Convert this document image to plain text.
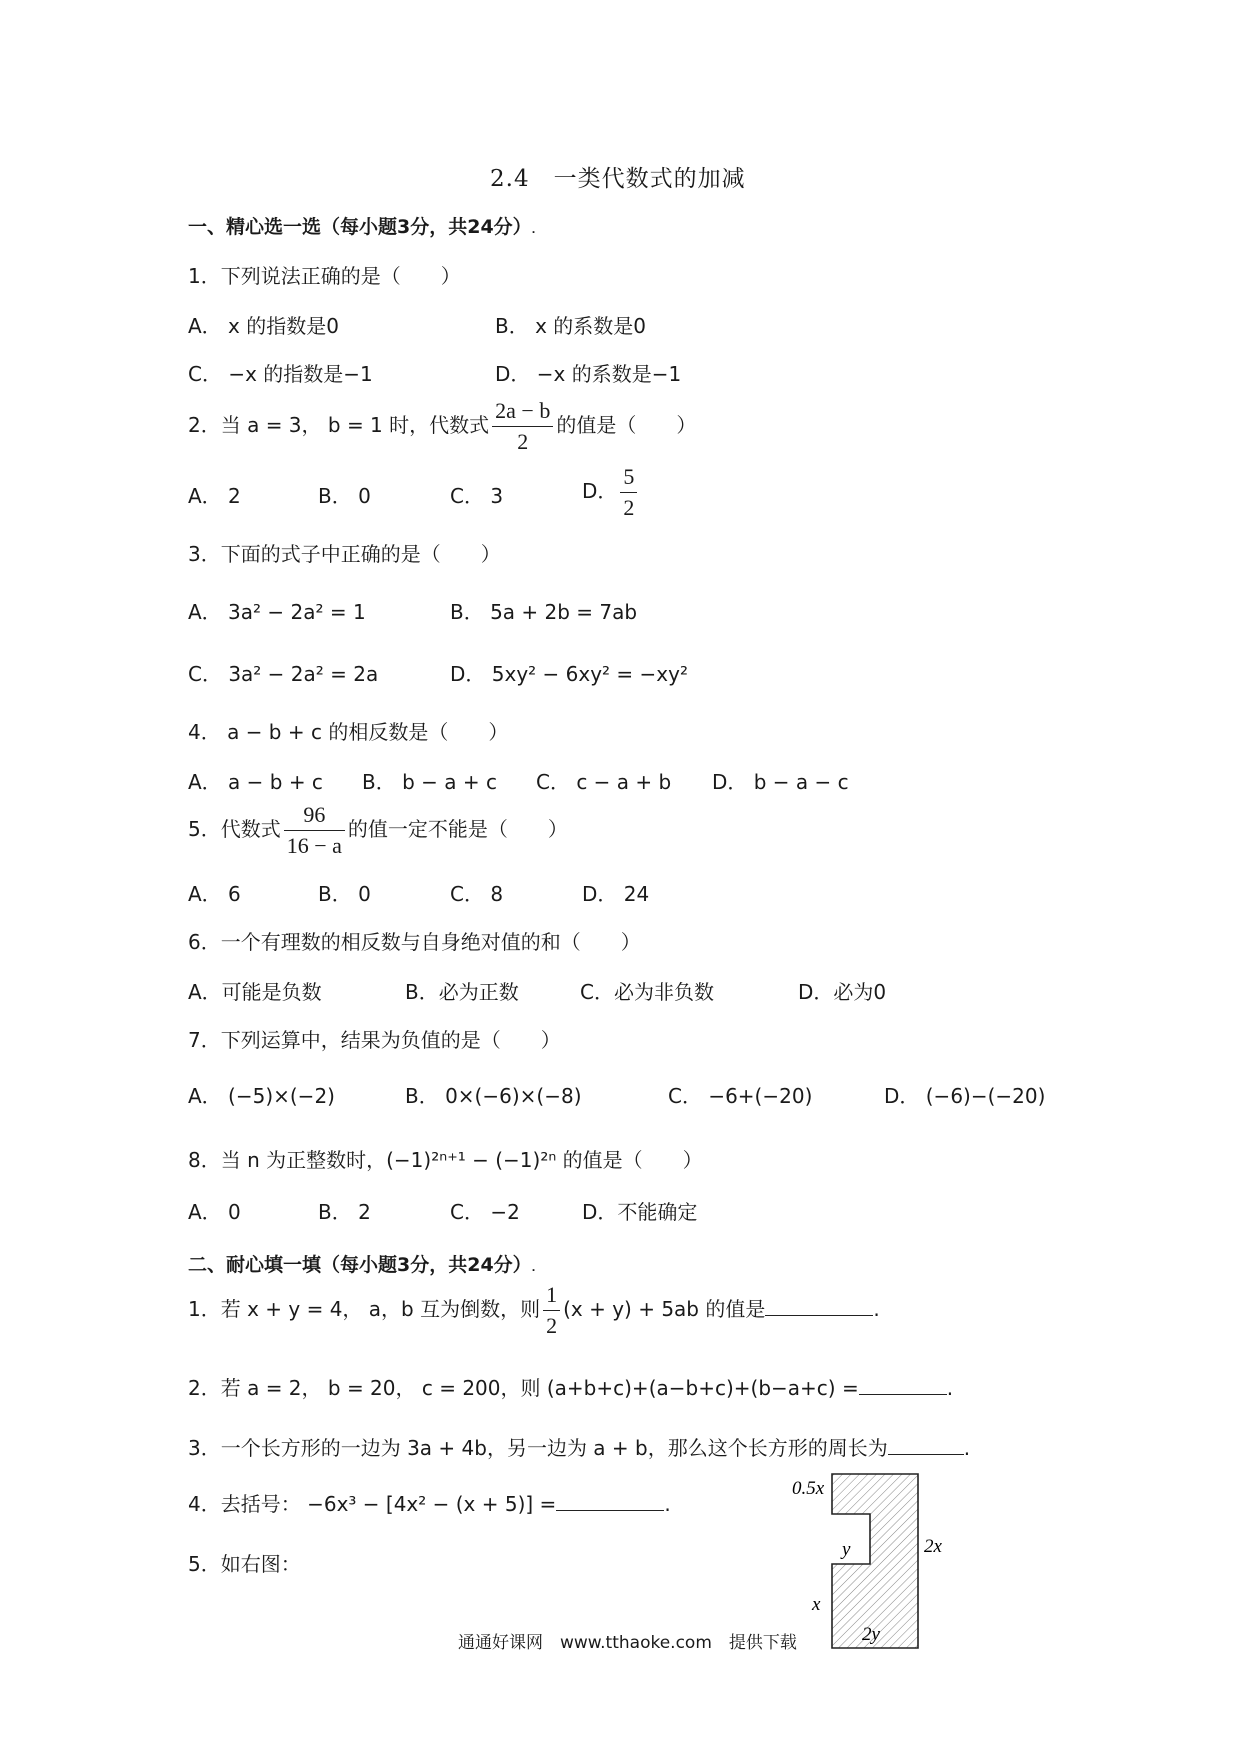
2.4　一类代数式的加减
一、精心选一选（每小题3分，共24分）.
1．下列说法正确的是（　　）
A． x 的指数是0	B． x 的系数是0
C． −x 的指数是−1	D． −x 的系数是−1
2．当 a = 3， b = 1 时，代数式 $\frac{2a - b}{2}$ 的值是（　　）
A． 2	B． 0	C． 3	D． $\frac{5}{2}$
3．下面的式子中正确的是（　　）
A． 3a² − 2a² = 1	B． 5a + 2b = 7ab
C． 3a² − 2a² = 2a	D． 5xy² − 6xy² = −xy²
4． a − b + c 的相反数是（　　）
A． a − b + c B． b − a + c C． c − a + b D． b − a − c
5．代数式 $\frac{96}{16 - a}$ 的值一定不能是（　　）
A． 6	B． 0	C． 8	D． 24
6．一个有理数的相反数与自身绝对值的和（　　）
A．可能是负数	B．必为正数	C．必为非负数	D．必为0
7．下列运算中，结果为负值的是（　　）
A． (−5)×(−2)	B． 0×(−6)×(−8)	C． −6+(−20)	D． (−6)−(−20)
8．当 n 为正整数时，(−1)²ⁿ⁺¹ − (−1)²ⁿ 的值是（　　）
A． 0	B． 2	C． −2	D．不能确定
二、耐心填一填（每小题3分，共24分）.
1．若 x + y = 4， a，b 互为倒数，则 $\frac{1}{2} (x + y) + 5ab$ 的值是	.
2．若 a = 2， b = 20， c = 200，则 (a+b+c)+(a−b+c)+(b−a+c) =	.
3．一个长方形的一边为 3a + 4b，另一边为 a + b，那么这个长方形的周长为	.
4．去括号： −6x³ − [4x² − (x + 5)] =	.
5．如右图：
0.5x
y	2x
x
2y
通通好课网　www.tthaoke.com　提供下载
